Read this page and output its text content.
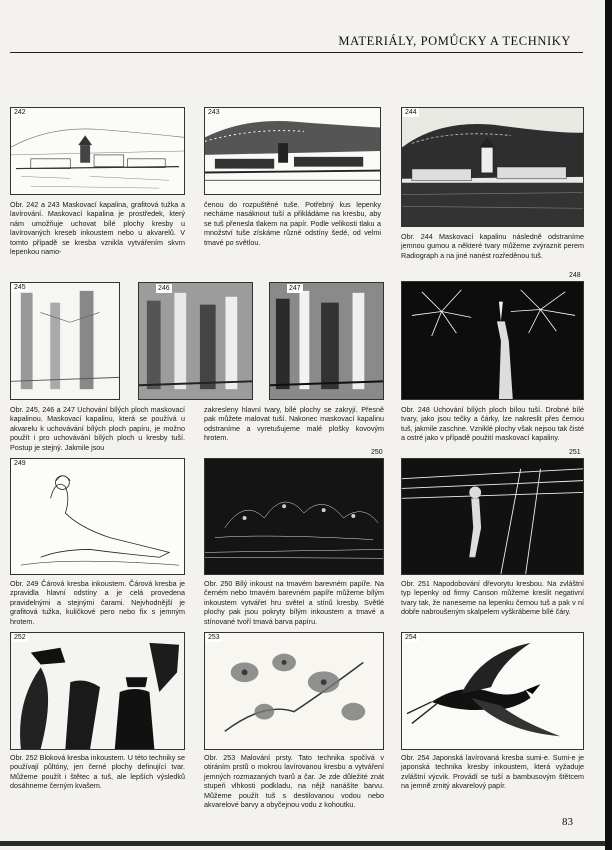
MATERIÁLY, POMŮCKY A TECHNIKY
242	243	244
Obr. 242 a 243 Maskovací kapalina, grafitová tužka a lavírování. Maskovací kapalina je prostředek, který nám umožňuje uchovat bílé plochy kresby u lavírovaných kreseb inkoustem nebo u akvarelů. V tomto případě se kresba vznikla vytvářením skvrn lepenkou namo-
čenou do rozpuštěné tuše. Potřebný kus lepenky necháme nasáknout tuší a přikládáme na kresbu, aby se tuš přenesla tlakem na papír. Podle velikosti tlaku a množství tuše získáme různé odstíny šedé, od velmi tmavé po světlou.
Obr. 244 Maskovací kapalinu následně odstraníme jemnou gumou a některé tvary můžeme zvýraznit perem Radiograph a na jiné nanést rozředěnou tuš.
245	246	247
248
Obr. 245, 246 a 247 Uchování bílých ploch maskovací kapalinou. Maskovací kapalinu, která se používá u akvarelu k uchovávání bílých ploch papíru, je možno použít i pro uchovávání bílých ploch u kresby tuší. Postup je stejný. Jakmile jsou
zakresleny hlavní tvary, bílé plochy se zakryjí. Přesně pak můžete malovat tuší. Nakonec maskovací kapalinu odstraníme a vyretušujeme malé plošky kovovým hrotem.
Obr. 248 Uchování bílých ploch bílou tuší. Drobné bílé tvary, jako jsou tečky a čárky, lze nakreslit přes černou tuš, jakmile zaschne. Vzniklé plochy však nejsou tak čisté a ostré jako v případě použití maskovací kapaliny.
249
250	251
Obr. 249 Čárová kresba inkoustem. Čárová kresba je zpravidla hlavní odstíny a je celá provedena pravidelnými a stejnými čarami. Nejvhodnější je grafitová tužka, kuličkové pero nebo fix s jemným hrotem.
Obr. 250 Bílý inkoust na tmavém barevném papíře. Na černém nebo tmavém barevném papíře můžeme bílým inkoustem vytvářet hru světel a stínů kresby. Světlé plochy pak jsou pokryty bílým inkoustem a tmavé a stínované tvoří tmavá barva papíru.
Obr. 251 Napodobování dřevorytu kresbou. Na zvláštní typ lepenky od firmy Canson můžeme kreslit negativní tvary tak, že naneseme na lepenku černou tuš a pak v ní dobře nabroušeným skalpelem vyškrábeme bílé čáry.
252	253	254
Obr. 252 Bloková kresba inkoustem. U této techniky se používají půltóny, jen černé plochy definující tvar. Můžeme použít i štětec a tuš, ale lepších výsledků dosáhneme černým kvašem.
Obr. 253 Malování prsty. Tato technika spočívá v otiráním prstů o mokrou lavírovanou kresbu a vytváření jemných rozmazaných tvarů a čar. Je zde důležité znát stupeň vlhkosti podkladu, na nějž nanášíte barvu. Můžeme použít tuš s destilovanou vodou nebo akvarelové barvy a obyčejnou vodu z kohoutku.
Obr. 254 Japonská lavírovaná kresba sumi-e. Sumi-e je japonská technika kresby inkoustem, která vyžaduje zvláštní výcvik. Provádí se tuší a bambusovým štětcem na jemně zrnitý akvarelový papír.
83
